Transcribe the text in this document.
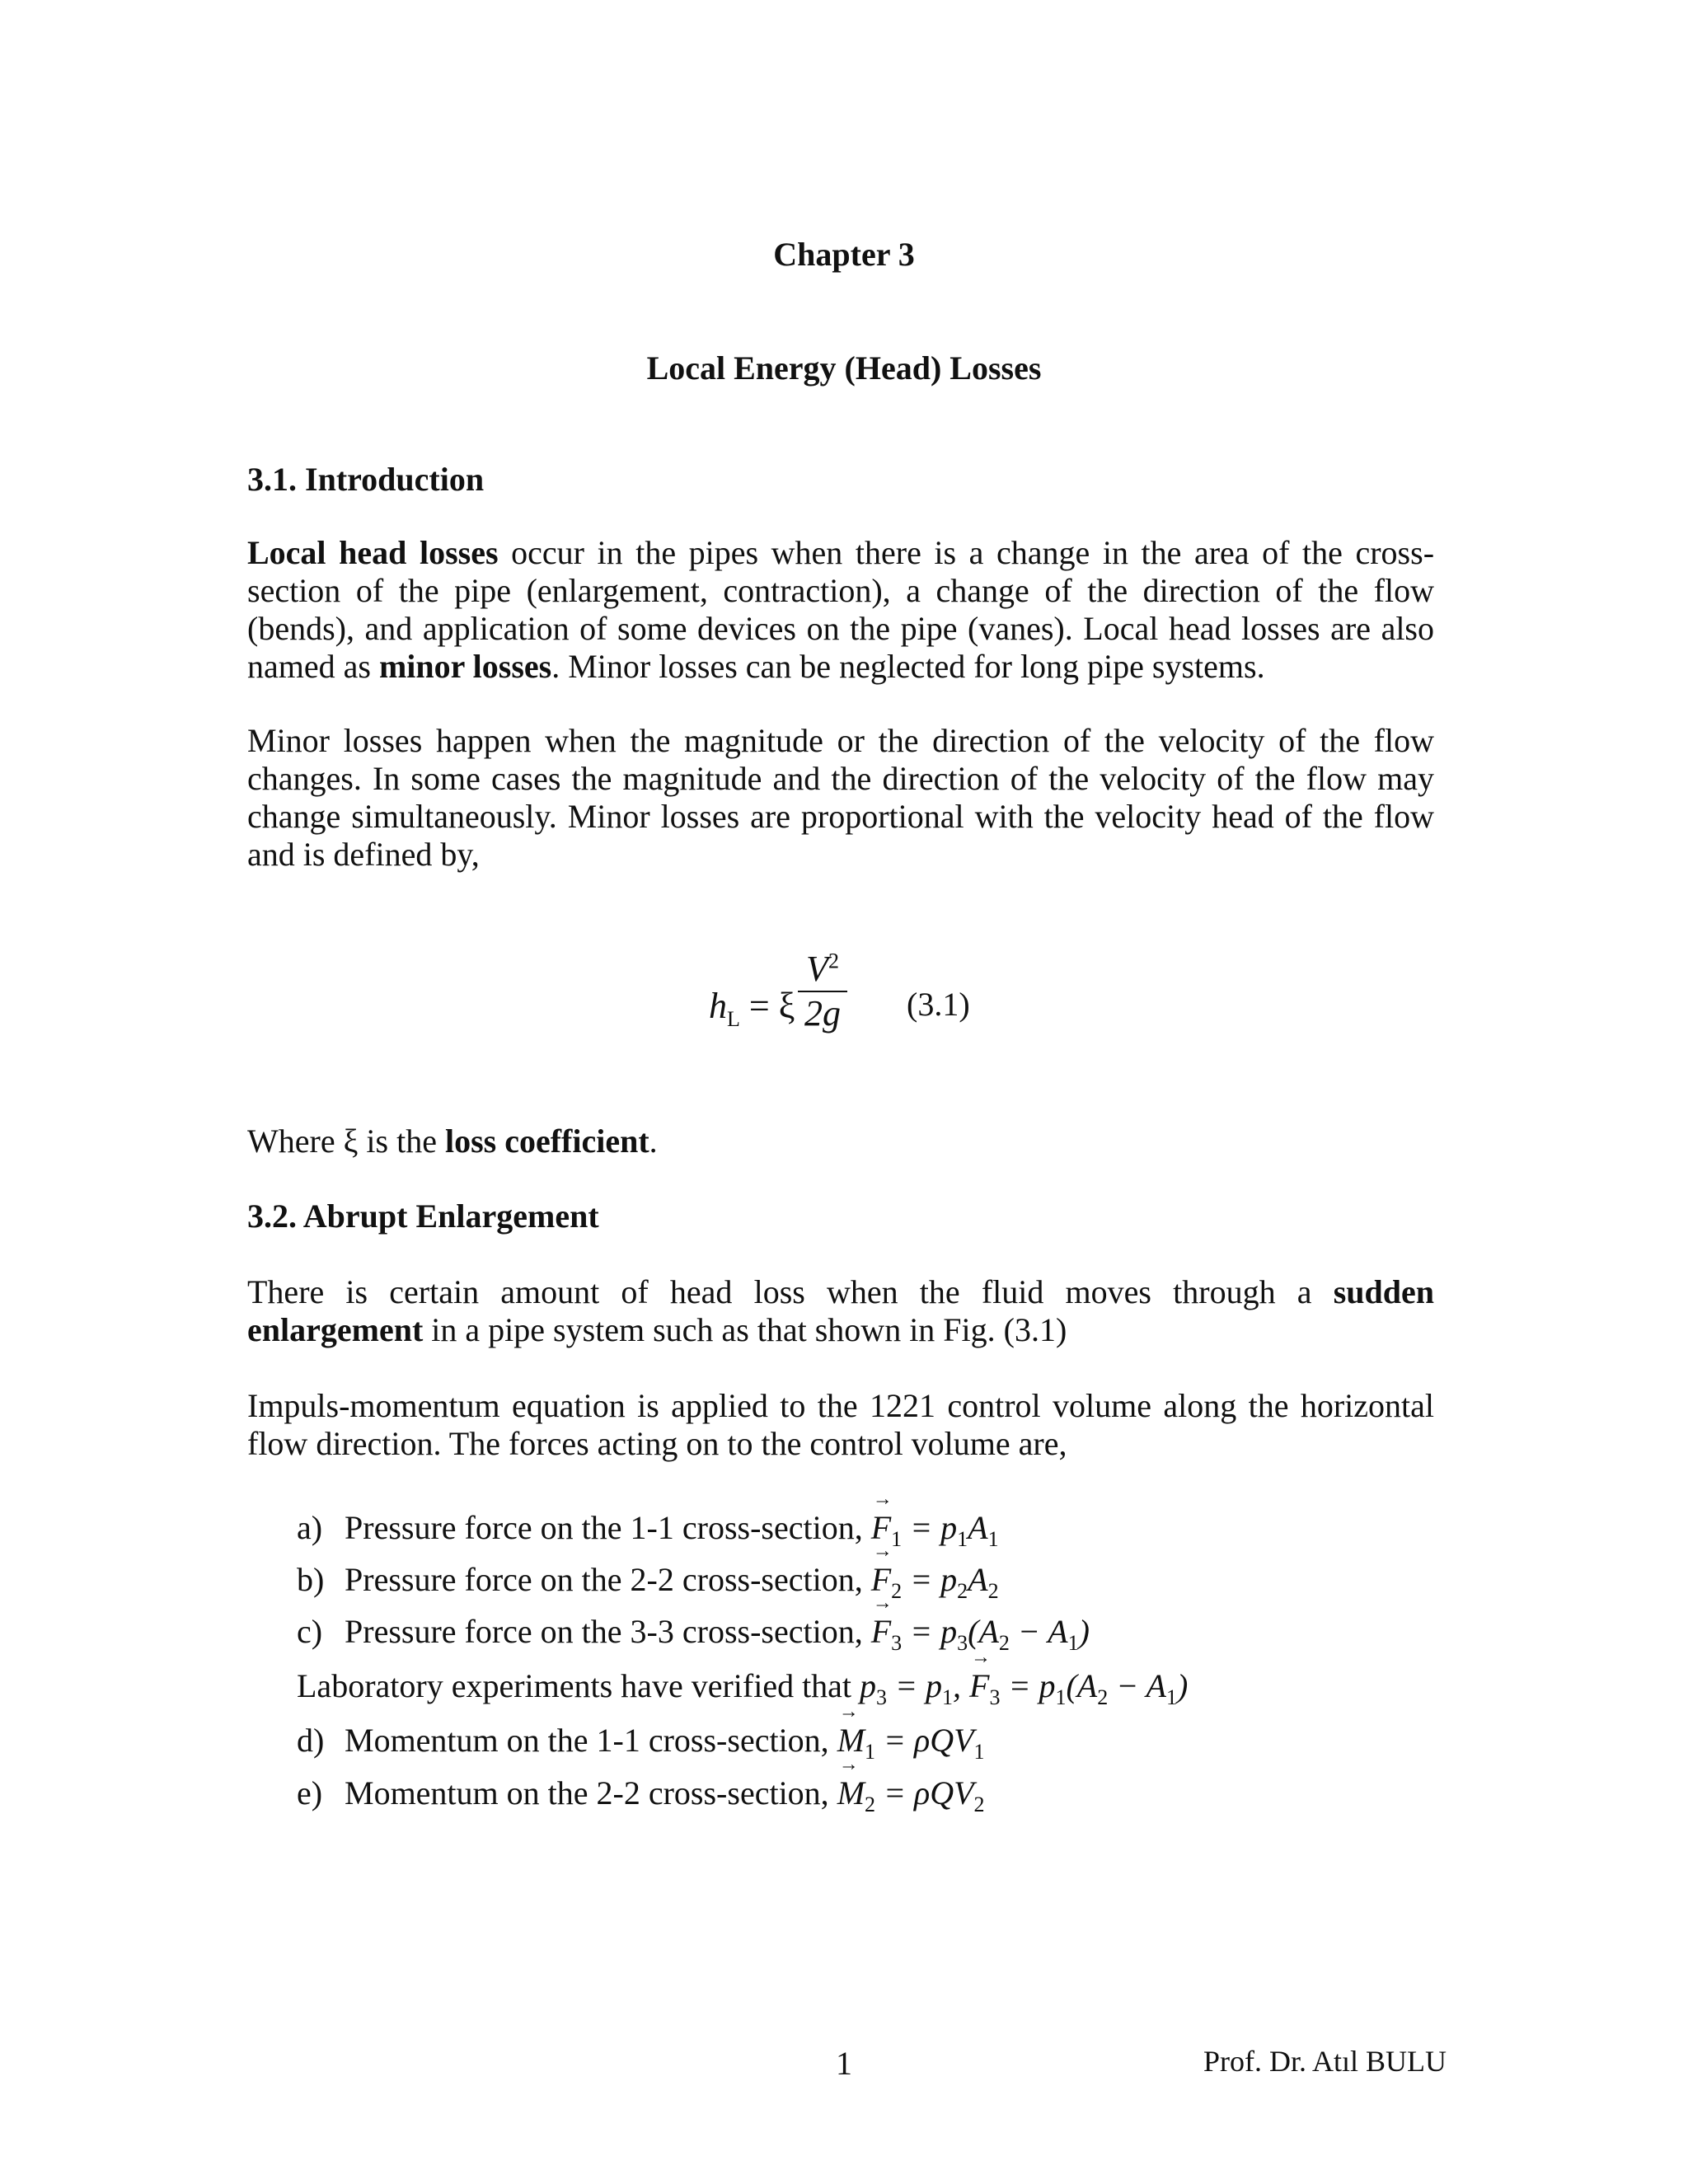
Chapter 3
Local Energy (Head) Losses
3.1. Introduction

Local head losses occur in the pipes when there is a change in the area of the cross-section of the pipe (enlargement, contraction), a change of the direction of the flow (bends), and application of some devices on the pipe (vanes). Local head losses are also named as minor losses. Minor losses can be neglected for long pipe systems.

Minor losses happen when the magnitude or the direction of the velocity of the flow changes. In some cases the magnitude and the direction of the velocity of the flow may change simultaneously. Minor losses are proportional with the velocity head of the flow and is defined by,

$h_L = \xi$
$V^2$
2g (3.1)

Where ξ is the loss coefficient.

3.2. Abrupt Enlargement

There is certain amount of head loss when the fluid moves through a sudden enlargement in a pipe system such as that shown in Fig. (3.1)

Impuls-momentum equation is applied to the 1221 control volume along the horizontal flow direction. The forces acting on to the control volume are,

a) Pressure force on the 1-1 cross-section, → $F_1 = p_1A_1$
b) Pressure force on the 2-2 cross-section, → $F_2 = p_2A_2$
c) Pressure force on the 3-3 cross-section, → $F_3 = p_3(A_2 - A_1)$
Laboratory experiments have verified that $p_3 = p_1$, → $F_3 = p_1(A_2 - A_1)$
d) Momentum on the 1-1 cross-section, → $M_1 = \rho QV_1$
e) Momentum on the 2-2 cross-section, → $M_2 = \rho QV_2$
1	Prof. Dr. Atıl BULU
